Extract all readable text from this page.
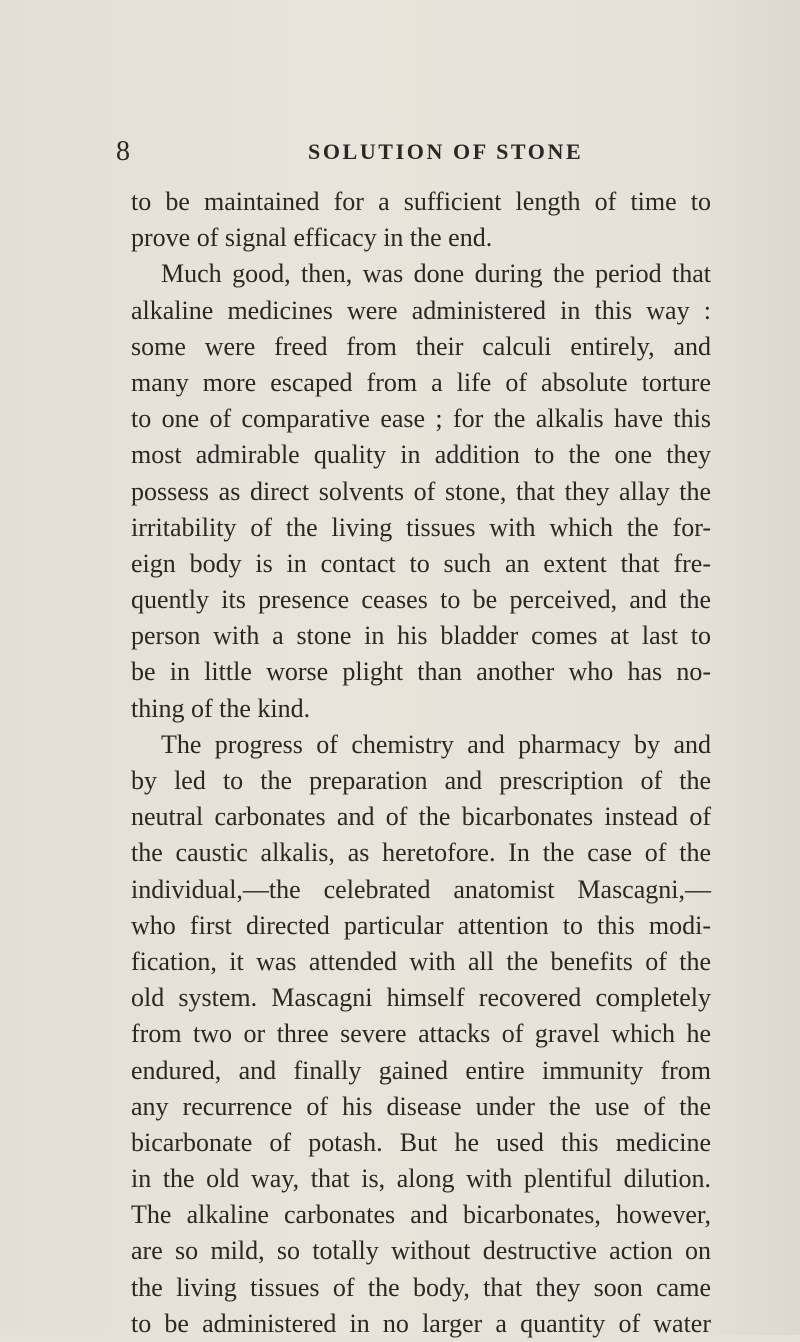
8	SOLUTION OF STONE
to be maintained for a sufficient length of time to
prove of signal efficacy in the end.
Much good, then, was done during the period that
alkaline medicines were administered in this way :
some were freed from their calculi entirely, and
many more escaped from a life of absolute torture
to one of comparative ease ; for the alkalis have this
most admirable quality in addition to the one they
possess as direct solvents of stone, that they allay the
irritability of the living tissues with which the for-
eign body is in contact to such an extent that fre-
quently its presence ceases to be perceived, and the
person with a stone in his bladder comes at last to
be in little worse plight than another who has no-
thing of the kind.
The progress of chemistry and pharmacy by and
by led to the preparation and prescription of the
neutral carbonates and of the bicarbonates instead of
the caustic alkalis, as heretofore. In the case of the
individual,—the celebrated anatomist Mascagni,—
who first directed particular attention to this modi-
fication, it was attended with all the benefits of the
old system. Mascagni himself recovered completely
from two or three severe attacks of gravel which he
endured, and finally gained entire immunity from
any recurrence of his disease under the use of the
bicarbonate of potash. But he used this medicine
in the old way, that is, along with plentiful dilution.
The alkaline carbonates and bicarbonates, however,
are so mild, so totally without destructive action on
the living tissues of the body, that they soon came
to be administered in no larger a quantity of water
